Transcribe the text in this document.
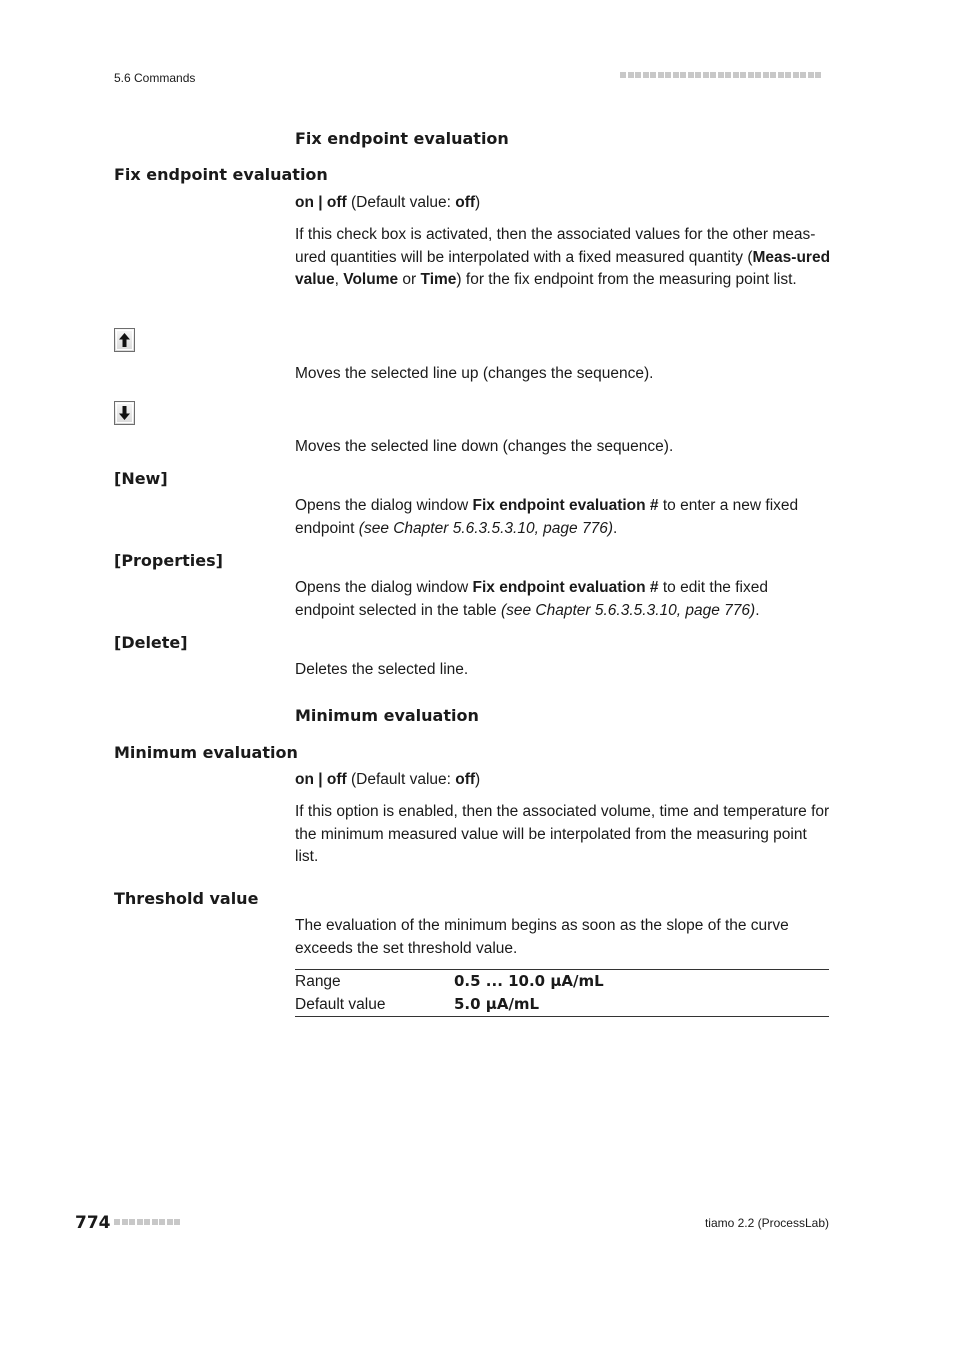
5.6 Commands
Fix endpoint evaluation
Fix endpoint evaluation
on | off (Default value: off)
If this check box is activated, then the associated values for the other meas-ured quantities will be interpolated with a fixed measured quantity (Meas-ured value, Volume or Time) for the fix endpoint from the measuring point list.
Moves the selected line up (changes the sequence).
Moves the selected line down (changes the sequence).
[New]
Opens the dialog window Fix endpoint evaluation # to enter a new fixed endpoint (see Chapter 5.6.3.5.3.10, page 776).
[Properties]
Opens the dialog window Fix endpoint evaluation # to edit the fixed endpoint selected in the table (see Chapter 5.6.3.5.3.10, page 776).
[Delete]
Deletes the selected line.
Minimum evaluation
Minimum evaluation
on | off (Default value: off)
If this option is enabled, then the associated volume, time and temperature for the minimum measured value will be interpolated from the measuring point list.
Threshold value
The evaluation of the minimum begins as soon as the slope of the curve exceeds the set threshold value.
Range	0.5 ... 10.0 µA/mL
Default value	5.0 µA/mL
774	tiamo 2.2 (ProcessLab)
